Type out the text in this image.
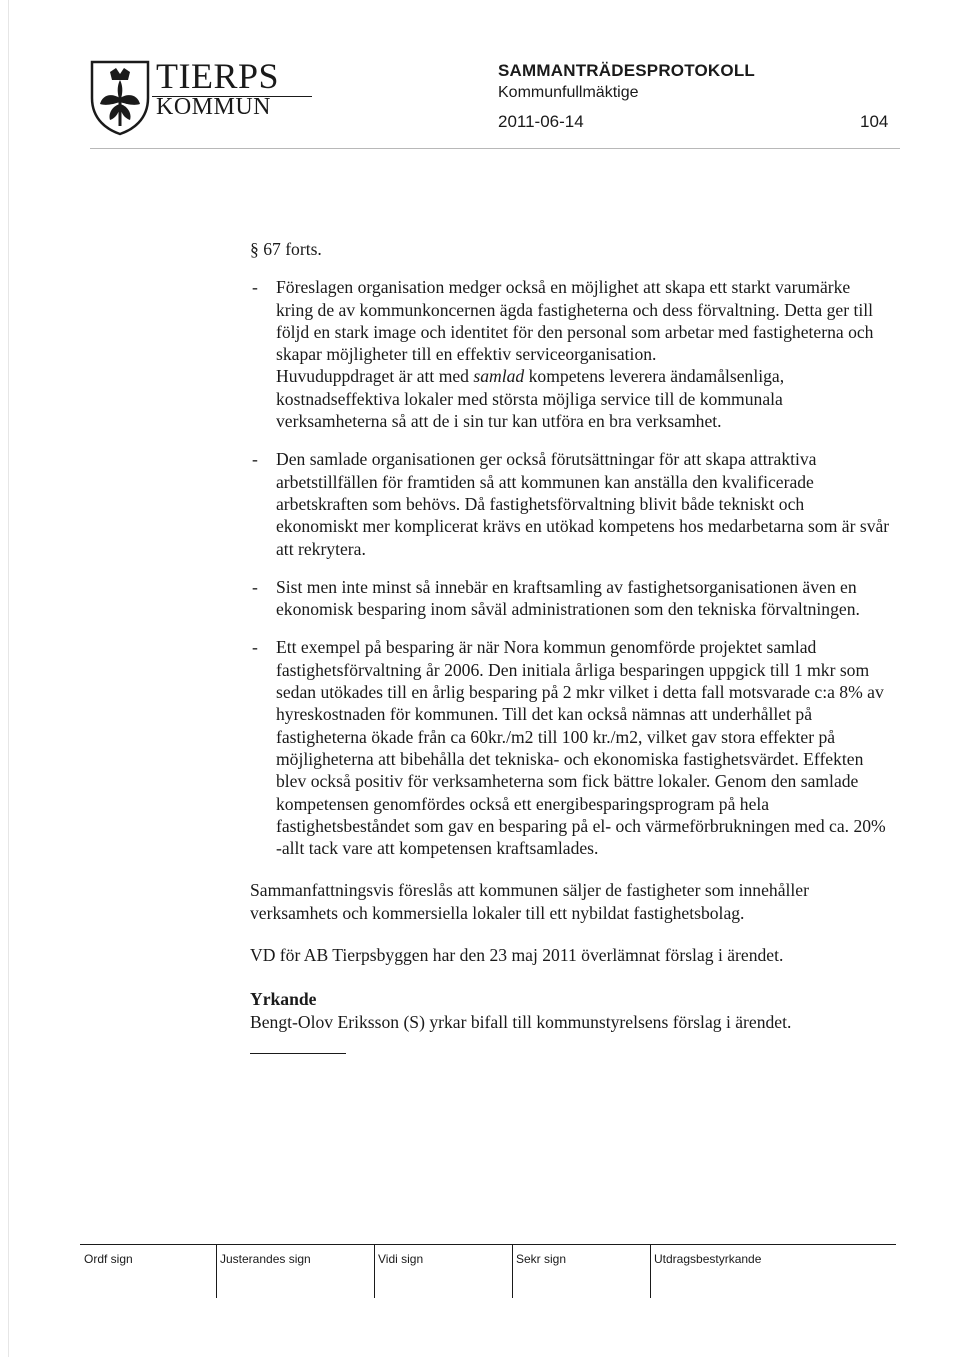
TIERPS
KOMMUN
SAMMANTRÄDESPROTOKOLL
Kommunfullmäktige
2011-06-14	104

§ 67 forts.

- Föreslagen organisation medger också en möjlighet att skapa ett starkt varumärke kring de av kommunkoncernen ägda fastigheterna och dess förvaltning. Detta ger till följd en stark image och identitet för den personal som arbetar med fastigheterna och skapar möjligheter till en effektiv serviceorganisation.

Huvuduppdraget är att med samlad kompetens leverera ändamålsenliga, kostnadseffektiva lokaler med största möjliga service till de kommunala verksamheterna så att de i sin tur kan utföra en bra verksamhet.

- Den samlade organisationen ger också förutsättningar för att skapa attraktiva arbetstillfällen för framtiden så att kommunen kan anställa den kvalificerade arbetskraften som behövs. Då fastighetsförvaltning blivit både tekniskt och ekonomiskt mer komplicerat krävs en utökad kompetens hos medarbetarna som är svår att rekrytera.

- Sist men inte minst så innebär en kraftsamling av fastighetsorganisationen även en ekonomisk besparing inom såväl administrationen som den tekniska förvaltningen.

- Ett exempel på besparing är när Nora kommun genomförde projektet samlad fastighetsförvaltning år 2006. Den initiala årliga besparingen uppgick till 1 mkr som sedan utökades till en årlig besparing på 2 mkr vilket i detta fall motsvarade c:a 8% av hyreskostnaden för kommunen. Till det kan också nämnas att underhållet på fastigheterna ökade från ca 60kr./m2 till 100 kr./m2, vilket gav stora effekter på möjligheterna att bibehålla det tekniska- och ekonomiska fastighetsvärdet. Effekten blev också positiv för verksamheterna som fick bättre lokaler. Genom den samlade kompetensen genomfördes också ett energibesparingsprogram på hela fastighetsbeståndet som gav en besparing på el- och värmeförbrukningen med ca. 20% -allt tack vare att kompetensen kraftsamlades.

Sammanfattningsvis föreslås att kommunen säljer de fastigheter som innehåller verksamhets och kommersiella lokaler till ett nybildat fastighetsbolag.

VD för AB Tierpsbyggen har den 23 maj 2011 överlämnat förslag i ärendet.

Yrkande

Bengt-Olov Eriksson (S) yrkar bifall till kommunstyrelsens förslag i ärendet.

Ordf sign	Justerandes sign	Vidi sign	Sekr sign	Utdragsbestyrkande
